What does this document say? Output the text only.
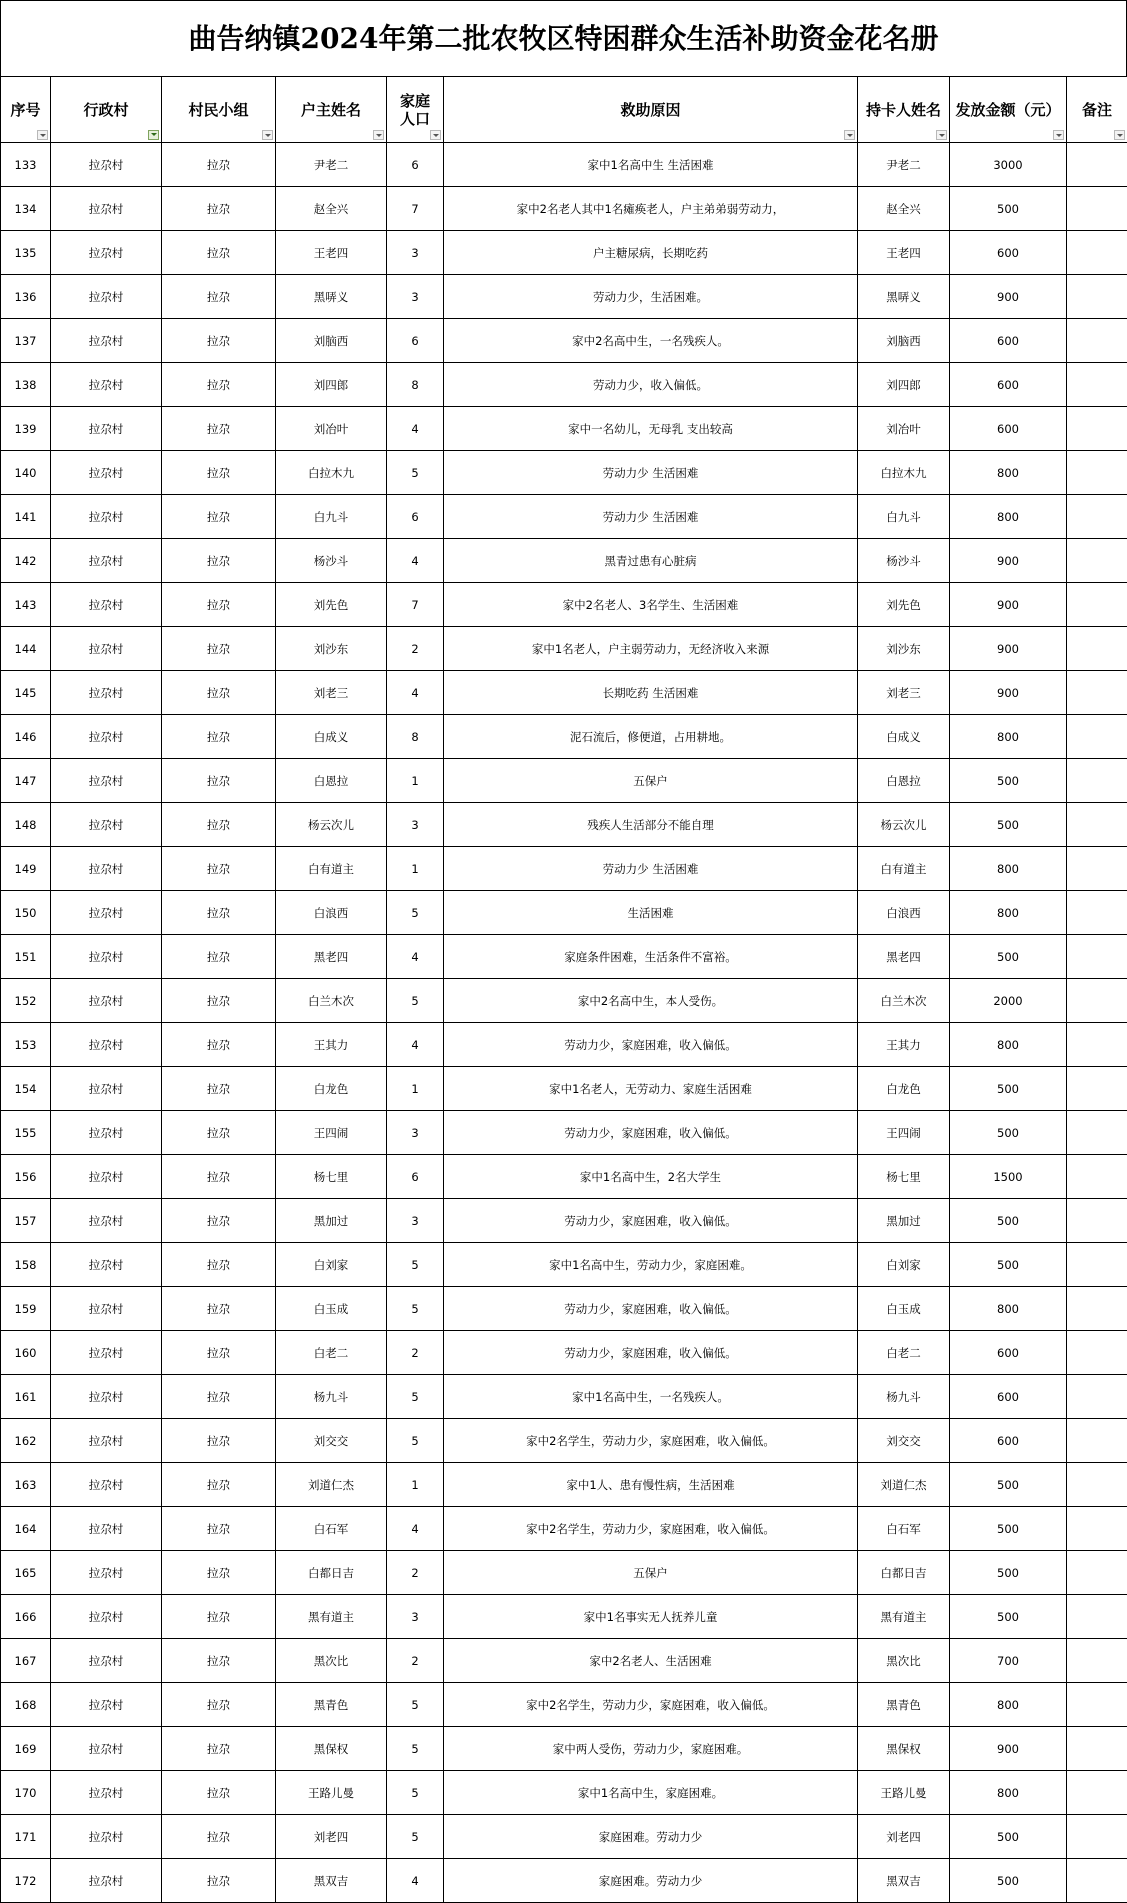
曲告纳镇2024年第二批农牧区特困群众生活补助资金花名册
序号	行政村	村民小组	户主姓名	家庭人口	救助原因	持卡人姓名	发放金额（元）	备注

133	拉尕村	拉尕	尹老二	6	家中1名高中生 生活困难	尹老二	3000	
134	拉尕村	拉尕	赵全兴	7	家中2名老人其中1名瘫痪老人，户主弟弟弱劳动力，	赵全兴	500	
135	拉尕村	拉尕	王老四	3	户主糖尿病，长期吃药	王老四	600	
136	拉尕村	拉尕	黑哢义	3	劳动力少，生活困难。	黑哢义	900	
137	拉尕村	拉尕	刘脑西	6	家中2名高中生，一名残疾人。	刘脑西	600	
138	拉尕村	拉尕	刘四郎	8	劳动力少，收入偏低。	刘四郎	600	
139	拉尕村	拉尕	刘冶叶	4	家中一名幼儿，无母乳 支出较高	刘冶叶	600	
140	拉尕村	拉尕	白拉木九	5	劳动力少 生活困难	白拉木九	800	
141	拉尕村	拉尕	白九斗	6	劳动力少 生活困难	白九斗	800	
142	拉尕村	拉尕	杨沙斗	4	黑青过患有心脏病	杨沙斗	900	
143	拉尕村	拉尕	刘先色	7	家中2名老人、3名学生、生活困难	刘先色	900	
144	拉尕村	拉尕	刘沙东	2	家中1名老人，户主弱劳动力，无经济收入来源	刘沙东	900	
145	拉尕村	拉尕	刘老三	4	长期吃药 生活困难	刘老三	900	
146	拉尕村	拉尕	白成义	8	泥石流后，修便道，占用耕地。	白成义	800	
147	拉尕村	拉尕	白恩拉	1	五保户	白恩拉	500	
148	拉尕村	拉尕	杨云次儿	3	残疾人生活部分不能自理	杨云次儿	500	
149	拉尕村	拉尕	白有道主	1	劳动力少 生活困难	白有道主	800	
150	拉尕村	拉尕	白浪西	5	生活困难	白浪西	800	
151	拉尕村	拉尕	黑老四	4	家庭条件困难，生活条件不富裕。	黑老四	500	
152	拉尕村	拉尕	白兰木次	5	家中2名高中生，本人受伤。	白兰木次	2000	
153	拉尕村	拉尕	王其力	4	劳动力少，家庭困难，收入偏低。	王其力	800	
154	拉尕村	拉尕	白龙色	1	家中1名老人，无劳动力、家庭生活困难	白龙色	500	
155	拉尕村	拉尕	王四闹	3	劳动力少，家庭困难，收入偏低。	王四闹	500	
156	拉尕村	拉尕	杨七里	6	家中1名高中生，2名大学生	杨七里	1500	
157	拉尕村	拉尕	黑加过	3	劳动力少，家庭困难，收入偏低。	黑加过	500	
158	拉尕村	拉尕	白刘家	5	家中1名高中生，劳动力少，家庭困难。	白刘家	500	
159	拉尕村	拉尕	白玉成	5	劳动力少，家庭困难，收入偏低。	白玉成	800	
160	拉尕村	拉尕	白老二	2	劳动力少，家庭困难，收入偏低。	白老二	600	
161	拉尕村	拉尕	杨九斗	5	家中1名高中生，一名残疾人。	杨九斗	600	
162	拉尕村	拉尕	刘交交	5	家中2名学生，劳动力少，家庭困难，收入偏低。	刘交交	600	
163	拉尕村	拉尕	刘道仁杰	1	家中1人、患有慢性病，生活困难	刘道仁杰	500	
164	拉尕村	拉尕	白石军	4	家中2名学生，劳动力少，家庭困难，收入偏低。	白石军	500	
165	拉尕村	拉尕	白都日吉	2	五保户	白都日吉	500	
166	拉尕村	拉尕	黑有道主	3	家中1名事实无人抚养儿童	黑有道主	500	
167	拉尕村	拉尕	黑次比	2	家中2名老人、生活困难	黑次比	700	
168	拉尕村	拉尕	黑青色	5	家中2名学生，劳动力少，家庭困难，收入偏低。	黑青色	800	
169	拉尕村	拉尕	黑保权	5	家中两人受伤，劳动力少，家庭困难。	黑保权	900	
170	拉尕村	拉尕	王路儿曼	5	家中1名高中生，家庭困难。	王路儿曼	800	
171	拉尕村	拉尕	刘老四	5	家庭困难。劳动力少	刘老四	500	
172	拉尕村	拉尕	黑双吉	4	家庭困难。劳动力少	黑双吉	500	
